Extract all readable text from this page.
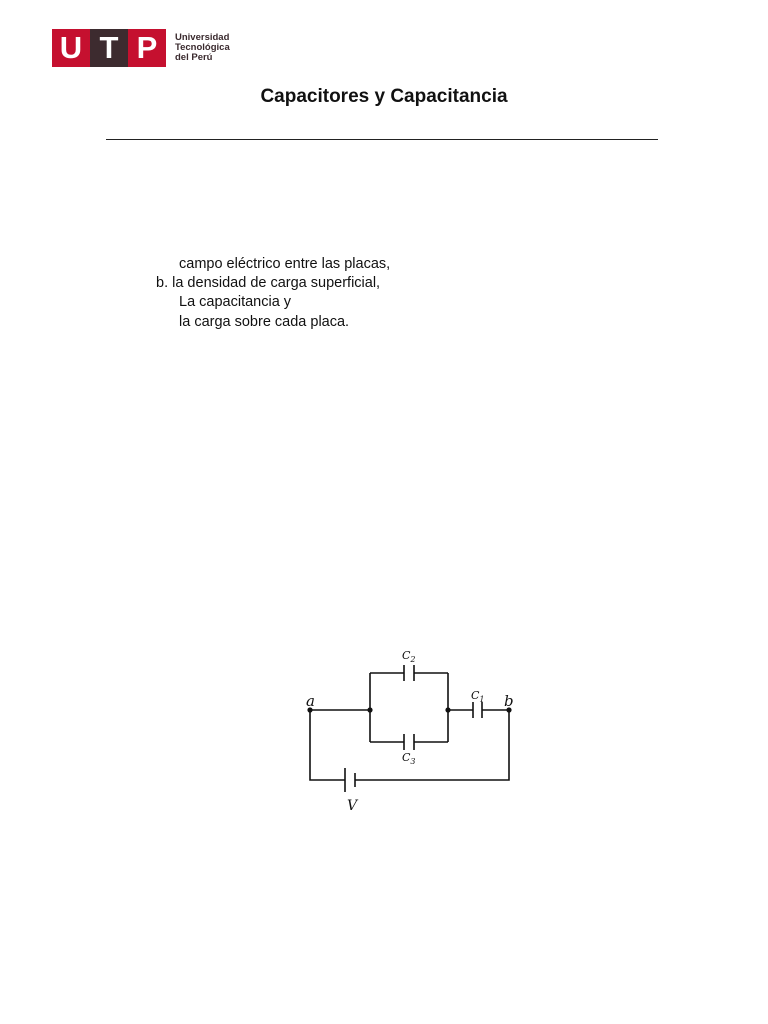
U T P	Universidad
Tecnológica
del Perú
Capacitores y Capacitancia
campo eléctrico entre las placas,
b. la densidad de carga superficial,
La capacitancia y
la carga sobre cada placa.
a	b
$C_2$
$C_1$
$C_3$
V
